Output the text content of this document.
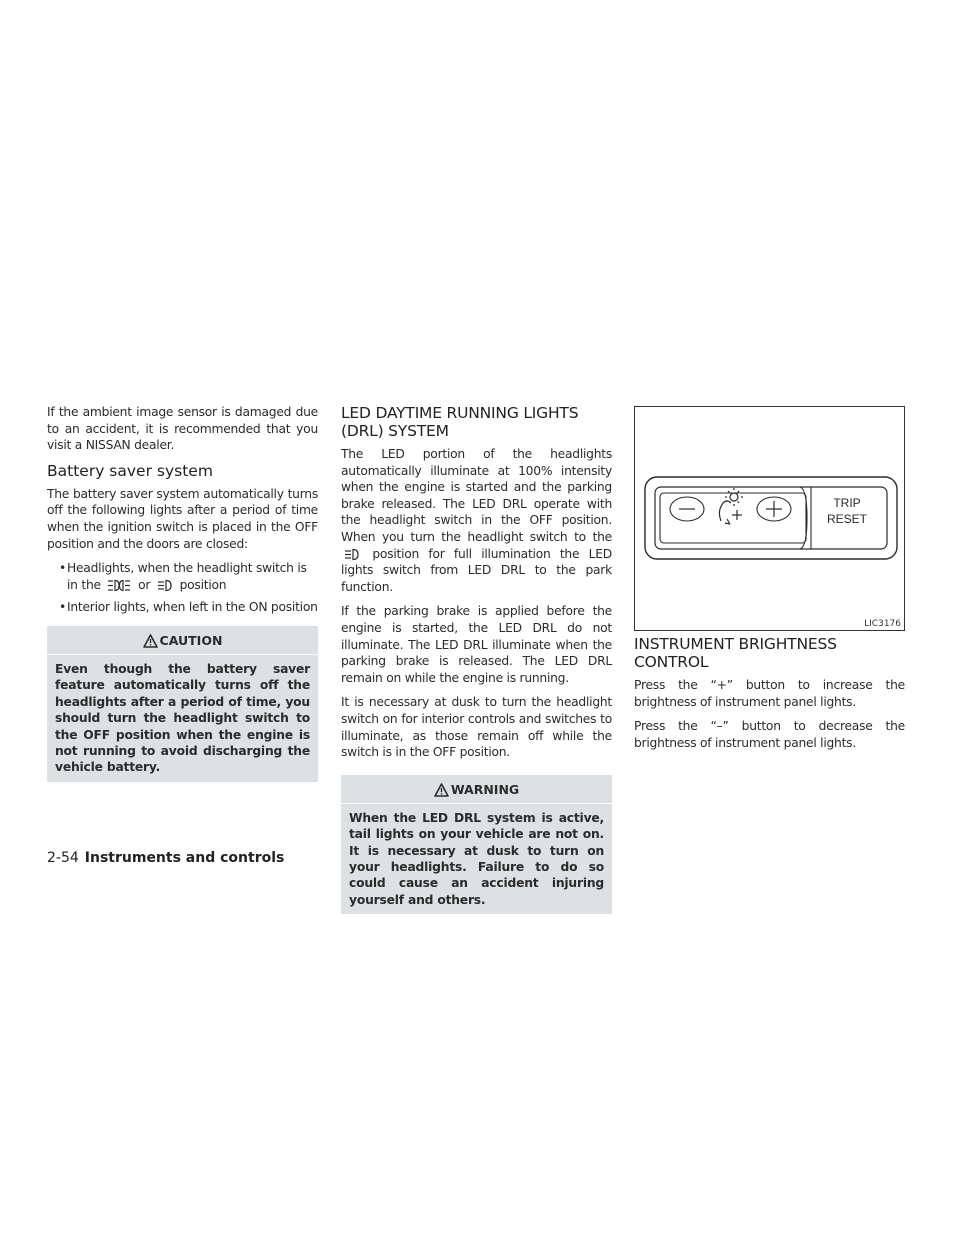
If the ambient image sensor is damaged due to an accident, it is recommended that you visit a NISSAN dealer.

Battery saver system

The battery saver system automatically turns off the following lights after a period of time when the ignition switch is placed in the OFF position and the doors are closed:

• Headlights, when the headlight switch is in the	or position
• Interior lights, when left in the ON position
CAUTION

Even though the battery saver feature automatically turns off the headlights after a period of time, you should turn the headlight switch to the OFF position when the engine is not running to avoid discharging the vehicle battery.

LED DAYTIME RUNNING LIGHTS (DRL) SYSTEM

The LED portion of the headlights automatically illuminate at 100% intensity when the engine is started and the parking brake released. The LED DRL operate with the headlight switch in the OFF position. When you turn the headlight switch to the  position for full illumination the LED lights switch from LED DRL to the park function.

If the parking brake is applied before the engine is started, the LED DRL do not illuminate. The LED DRL illuminate when the parking brake is released. The LED DRL remain on while the engine is running.

It is necessary at dusk to turn the headlight switch on for interior controls and switches to illuminate, as those remain off while the switch is in the OFF position.

WARNING

When the LED DRL system is active, tail lights on your vehicle are not on. It is necessary at dusk to turn on your headlights. Failure to do so could cause an accident injuring yourself and others.

TRIP
RESET
LIC3176
INSTRUMENT BRIGHTNESS CONTROL

Press the “+” button to increase the brightness of instrument panel lights.

Press the “–” button to decrease the brightness of instrument panel lights.

2-54 Instruments and controls
